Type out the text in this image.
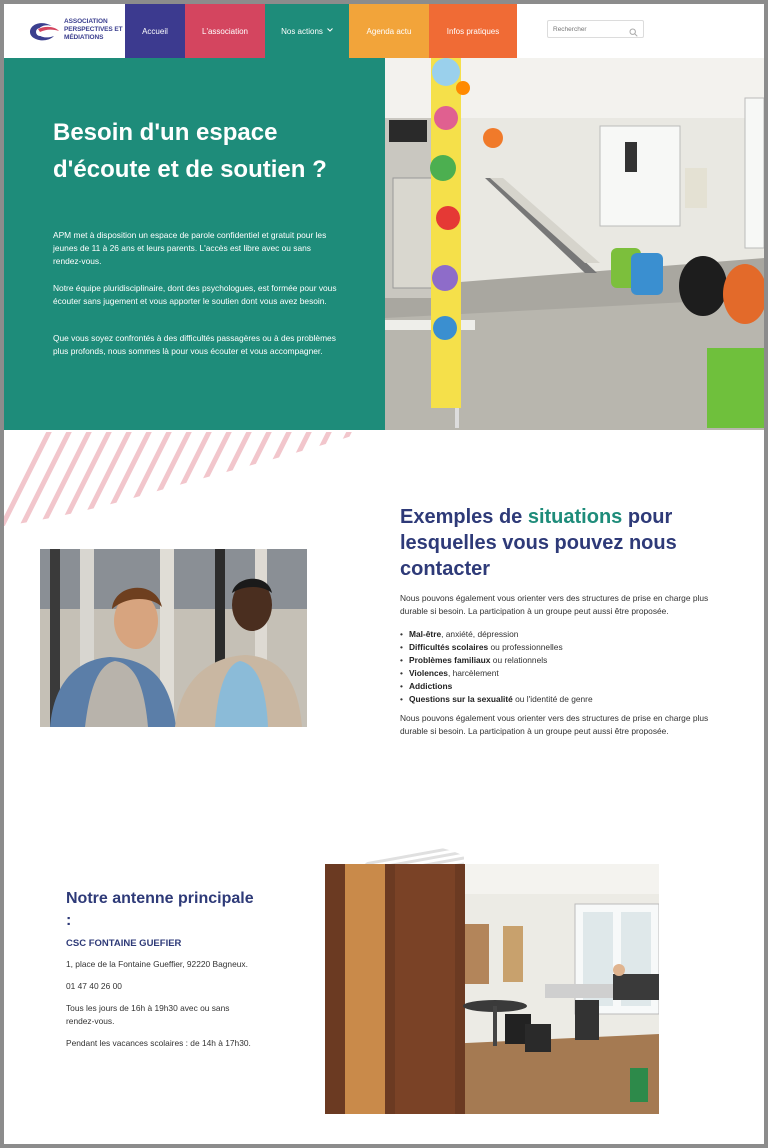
ASSOCIATION
PERSPECTIVES ET
MÉDIATIONS
Accueil	L'association	Nos actions	Agenda actu	Infos pratiques
Rechercher
Besoin d'un espace d'écoute et de soutien ?

APM met à disposition un espace de parole confidentiel et gratuit pour les jeunes de 11 à 26 ans et leurs parents. L'accès est libre avec ou sans rendez-vous.

Notre équipe pluridisciplinaire, dont des psychologues, est formée pour vous écouter sans jugement et vous apporter le soutien dont vous avez besoin.

Que vous soyez confrontés à des difficultés passagères ou à des problèmes plus profonds, nous sommes là pour vous écouter et vous accompagner.

Exemples de situations pour lesquelles vous pouvez nous contacter

Nous pouvons également vous orienter vers des structures de prise en charge plus durable si besoin. La participation à un groupe peut aussi être proposée.

• Mal-être, anxiété, dépression
• Difficultés scolaires ou professionnelles
• Problèmes familiaux ou relationnels
• Violences, harcèlement
• Addictions
• Questions sur la sexualité ou l'identité de genre

Nous pouvons également vous orienter vers des structures de prise en charge plus durable si besoin. La participation à un groupe peut aussi être proposée.

Notre antenne principale :
CSC FONTAINE GUEFIER

1, place de la Fontaine Gueffier, 92220 Bagneux.

01 47 40 26 00

Tous les jours de 16h à 19h30 avec ou sans rendez-vous.

Pendant les vacances scolaires : de 14h à 17h30.
